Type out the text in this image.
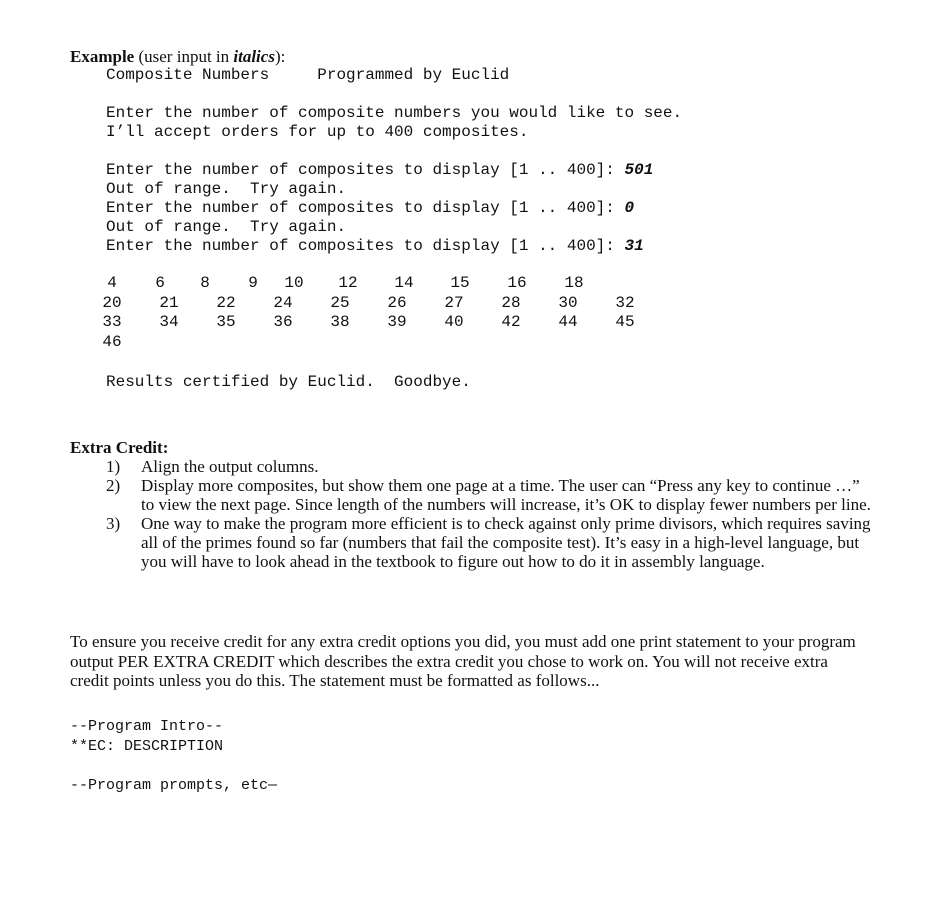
Example (user input in italics):
Composite Numbers     Programmed by Euclid
Enter the number of composite numbers you would like to see.
I’ll accept orders for up to 400 composites.
Enter the number of composites to display [1 .. 400]: 501
Out of range.  Try again.
Enter the number of composites to display [1 .. 400]: 0
Out of range.  Try again.
Enter the number of composites to display [1 .. 400]: 31
4	6	8	9	10 12 14 15 16 18
20 21 22 24 25 26 27 28 30 32
33 34 35 36 38 39 40 42 44 45
46
Results certified by Euclid.  Goodbye.
Extra Credit:
1) Align the output columns.
2) Display more composites, but show them one page at a time. The user can “Press any key to continue …” to view the next page. Since length of the numbers will increase, it’s OK to display fewer numbers per line.
3) One way to make the program more efficient is to check against only prime divisors, which requires saving all of the primes found so far (numbers that fail the composite test). It’s easy in a high-level language, but you will have to look ahead in the textbook to figure out how to do it in assembly language.
To ensure you receive credit for any extra credit options you did, you must add one print statement to your program output PER EXTRA CREDIT which describes the extra credit you chose to work on. You will not receive extra credit points unless you do this. The statement must be formatted as follows...
--Program Intro--
**EC: DESCRIPTION
--Program prompts, etc—
